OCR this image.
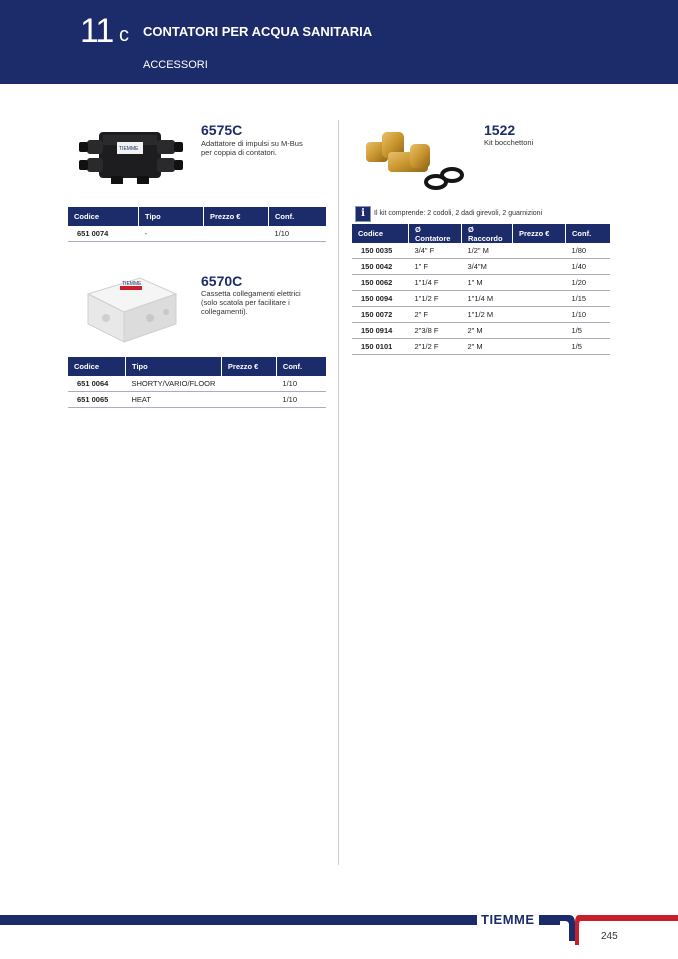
11 c CONTATORI PER ACQUA SANITARIA
ACCESSORI
TIEMME
6575C
Adattatore di impulsi su M-Bus
per coppia di contatori.
Codice	Tipo	Prezzo €	Conf.
651 0074	-		1/10
TIEMME	6570C
Cassetta collegamenti elettrici
(solo scatola per facilitare i
collegamenti).
Codice	Tipo	Prezzo €	Conf.
651 0064	SHORTY/VARIO/FLOOR		1/10
651 0065	HEAT		1/10
1522
Kit bocchettoni
i	Il kit comprende: 2 codoli, 2 dadi girevoli, 2 guarnizioni
Codice	Ø Contatore	Ø Raccordo	Prezzo €	Conf.
150 0035	3/4" F	1/2" M		1/80
150 0042	1" F	3/4"M		1/40
150 0062	1"1/4 F	1" M		1/20
150 0094	1"1/2 F	1"1/4 M		1/15
150 0072	2" F	1"1/2 M		1/10
150 0914	2"3/8 F	2" M		1/5
150 0101	2"1/2 F	2" M		1/5
TIEMME
245
